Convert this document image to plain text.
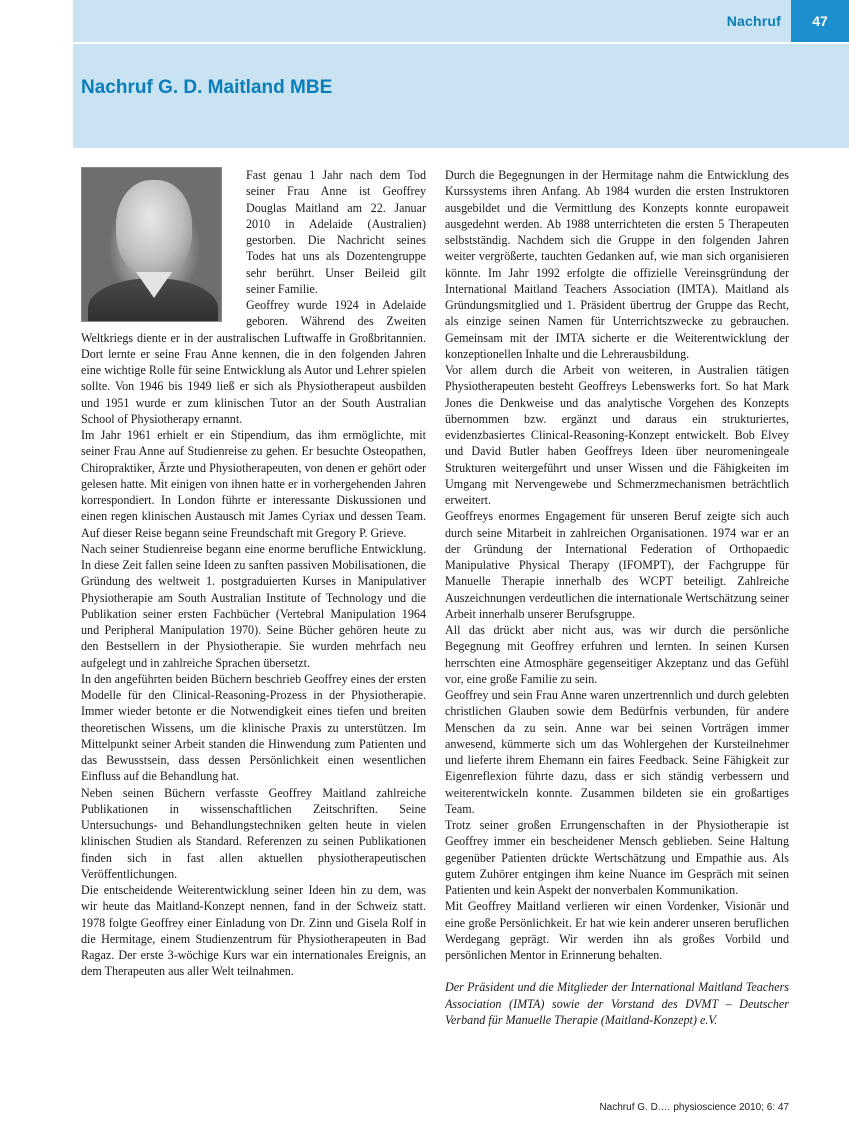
Nachruf	47
Nachruf G. D. Maitland MBE

Fast genau 1 Jahr nach dem Tod seiner Frau Anne ist Geoffrey Douglas Maitland am 22. Januar 2010 in Adelaide (Australien) gestorben. Die Nachricht seines Todes hat uns als Dozentengruppe sehr berührt. Unser Beileid gilt seiner Familie.

Geoffrey wurde 1924 in Adelaide geboren. Während des Zweiten Weltkriegs diente er in der australischen Luftwaffe in Großbritannien. Dort lernte er seine Frau Anne kennen, die in den folgenden Jahren eine wichtige Rolle für seine Entwicklung als Autor und Lehrer spielen sollte. Von 1946 bis 1949 ließ er sich als Physiotherapeut ausbilden und 1951 wurde er zum klinischen Tutor an der South Australian School of Physiotherapy ernannt.

Im Jahr 1961 erhielt er ein Stipendium, das ihm ermöglichte, mit seiner Frau Anne auf Studienreise zu gehen. Er besuchte Osteopathen, Chiropraktiker, Ärzte und Physiotherapeuten, von denen er gehört oder gelesen hatte. Mit einigen von ihnen hatte er in vorhergehenden Jahren korrespondiert. In London führte er interessante Diskussionen und einen regen klinischen Austausch mit James Cyriax und dessen Team. Auf dieser Reise begann seine Freundschaft mit Gregory P. Grieve.

Nach seiner Studienreise begann eine enorme berufliche Entwicklung. In diese Zeit fallen seine Ideen zu sanften passiven Mobilisationen, die Gründung des weltweit 1. postgraduierten Kurses in Manipulativer Physiotherapie am South Australian Institute of Technology und die Publikation seiner ersten Fachbücher (Vertebral Manipulation 1964 und Peripheral Manipulation 1970). Seine Bücher gehören heute zu den Bestsellern in der Physiotherapie. Sie wurden mehrfach neu aufgelegt und in zahlreiche Sprachen übersetzt.

In den angeführten beiden Büchern beschrieb Geoffrey eines der ersten Modelle für den Clinical-Reasoning-Prozess in der Physiotherapie. Immer wieder betonte er die Notwendigkeit eines tiefen und breiten theoretischen Wissens, um die klinische Praxis zu unterstützen. Im Mittelpunkt seiner Arbeit standen die Hinwendung zum Patienten und das Bewusstsein, dass dessen Persönlichkeit einen wesentlichen Einfluss auf die Behandlung hat.

Neben seinen Büchern verfasste Geoffrey Maitland zahlreiche Publikationen in wissenschaftlichen Zeitschriften. Seine Untersuchungs- und Behandlungstechniken gelten heute in vielen klinischen Studien als Standard. Referenzen zu seinen Publikationen finden sich in fast allen aktuellen physiotherapeutischen Veröffentlichungen.

Die entscheidende Weiterentwicklung seiner Ideen hin zu dem, was wir heute das Maitland-Konzept nennen, fand in der Schweiz statt. 1978 folgte Geoffrey einer Einladung von Dr. Zinn und Gisela Rolf in die Hermitage, einem Studienzentrum für Physiotherapeuten in Bad Ragaz. Der erste 3-wöchige Kurs war ein internationales Ereignis, an dem Therapeuten aus aller Welt teilnahmen.

Durch die Begegnungen in der Hermitage nahm die Entwicklung des Kurssystems ihren Anfang. Ab 1984 wurden die ersten Instruktoren ausgebildet und die Vermittlung des Konzepts konnte europaweit ausgedehnt werden. Ab 1988 unterrichteten die ersten 5 Therapeuten selbstständig. Nachdem sich die Gruppe in den folgenden Jahren weiter vergrößerte, tauchten Gedanken auf, wie man sich organisieren könnte. Im Jahr 1992 erfolgte die offizielle Vereinsgründung der International Maitland Teachers Association (IMTA). Maitland als Gründungsmitglied und 1. Präsident übertrug der Gruppe das Recht, als einzige seinen Namen für Unterrichtszwecke zu gebrauchen. Gemeinsam mit der IMTA sicherte er die Weiterentwicklung der konzeptionellen Inhalte und die Lehrerausbildung.

Vor allem durch die Arbeit von weiteren, in Australien tätigen Physiotherapeuten besteht Geoffreys Lebenswerks fort. So hat Mark Jones die Denkweise und das analytische Vorgehen des Konzepts übernommen bzw. ergänzt und daraus ein strukturiertes, evidenzbasiertes Clinical-Reasoning-Konzept entwickelt. Bob Elvey und David Butler haben Geoffreys Ideen über neuromeningeale Strukturen weitergeführt und unser Wissen und die Fähigkeiten im Umgang mit Nervengewebe und Schmerzmechanismen beträchtlich erweitert.

Geoffreys enormes Engagement für unseren Beruf zeigte sich auch durch seine Mitarbeit in zahlreichen Organisationen. 1974 war er an der Gründung der International Federation of Orthopaedic Manipulative Physical Therapy (IFOMPT), der Fachgruppe für Manuelle Therapie innerhalb des WCPT beteiligt. Zahlreiche Auszeichnungen verdeutlichen die internationale Wertschätzung seiner Arbeit innerhalb unserer Berufsgruppe.

All das drückt aber nicht aus, was wir durch die persönliche Begegnung mit Geoffrey erfuhren und lernten. In seinen Kursen herrschten eine Atmosphäre gegenseitiger Akzeptanz und das Gefühl vor, eine große Familie zu sein.

Geoffrey und sein Frau Anne waren unzertrennlich und durch gelebten christlichen Glauben sowie dem Bedürfnis verbunden, für andere Menschen da zu sein. Anne war bei seinen Vorträgen immer anwesend, kümmerte sich um das Wohlergehen der Kursteilnehmer und lieferte ihrem Ehemann ein faires Feedback. Seine Fähigkeit zur Eigenreflexion führte dazu, dass er sich ständig verbessern und weiterentwickeln konnte. Zusammen bildeten sie ein großartiges Team.

Trotz seiner großen Errungenschaften in der Physiotherapie ist Geoffrey immer ein bescheidener Mensch geblieben. Seine Haltung gegenüber Patienten drückte Wertschätzung und Empathie aus. Als gutem Zuhörer entgingen ihm keine Nuance im Gespräch mit seinen Patienten und kein Aspekt der nonverbalen Kommunikation.

Mit Geoffrey Maitland verlieren wir einen Vordenker, Visionär und eine große Persönlichkeit. Er hat wie kein anderer unseren beruflichen Werdegang geprägt. Wir werden ihn als großes Vorbild und persönlichen Mentor in Erinnerung behalten.

Der Präsident und die Mitglieder der International Maitland Teachers Association (IMTA) sowie der Vorstand des DVMT – Deutscher Verband für Manuelle Therapie (Maitland-Konzept) e.V.

Nachruf G. D.… physioscience 2010; 6: 47
